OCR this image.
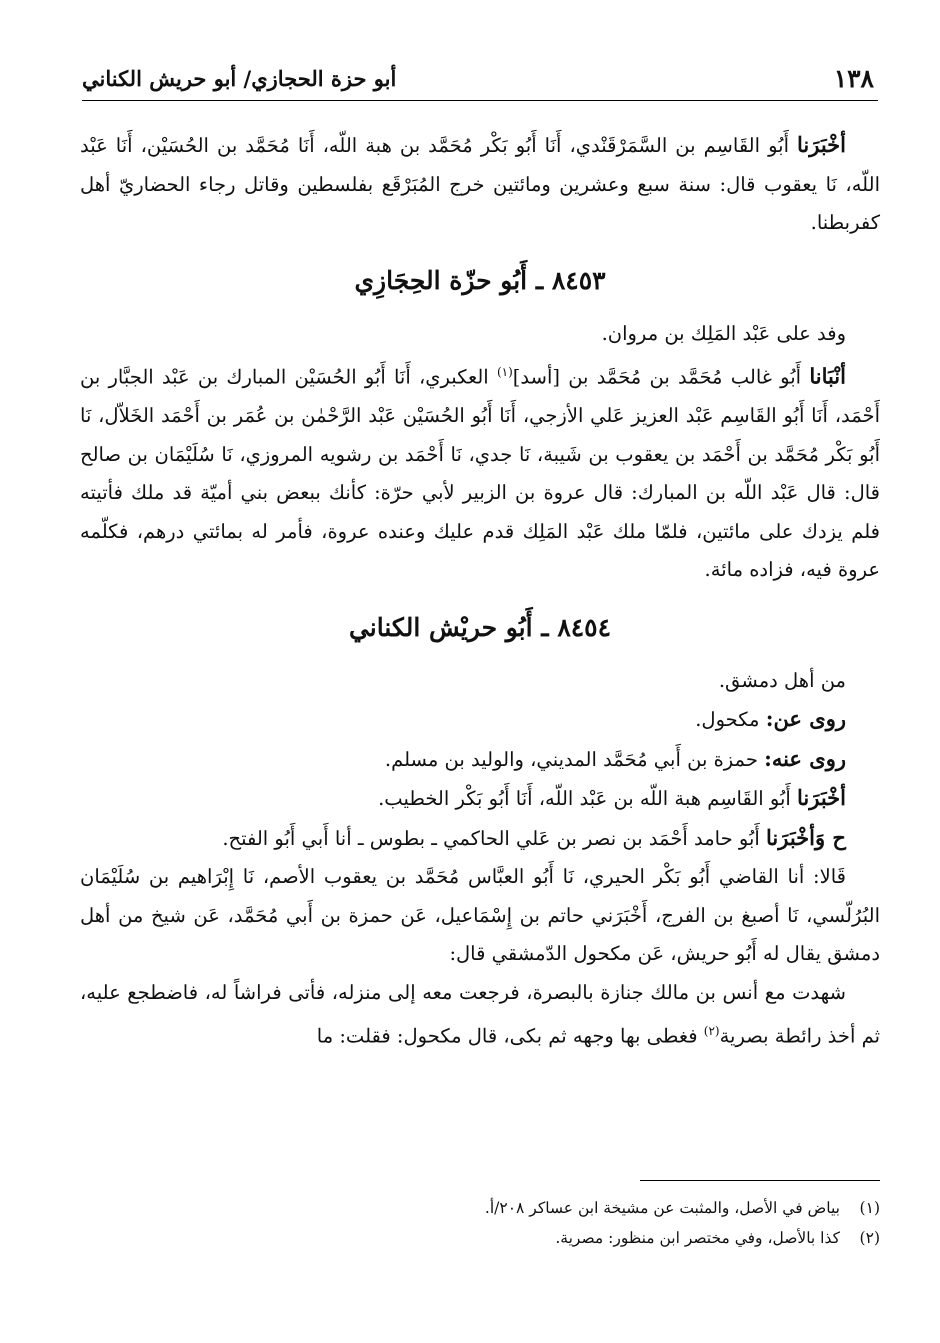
١٣٨
أبو حزة الحجازي/ أبو حريش الكناني

أخْبَرَنا أَبُو القَاسِم بن السَّمَرْقَنْدي، أَنَا أَبُو بَكْر مُحَمَّد بن هبة اللّه، أَنَا مُحَمَّد بن الحُسَيْن، أَنَا عَبْد اللّه، نَا يعقوب قال: سنة سبع وعشرين ومائتين خرج المُبَرْقَع بفلسطين وقاتل رجاء الحضاريّ أهل كفربطنا.

٨٤٥٣ ـ أَبُو حزّة الحِجَازِي

وفد على عَبْد المَلِك بن مروان.

أنْبَانا أَبُو غالب مُحَمَّد بن مُحَمَّد بن [أسد]$^{(١)}$ العكبري، أَنَا أَبُو الحُسَيْن المبارك بن عَبْد الجبَّار بن أَحْمَد، أَنَا أَبُو القَاسِم عَبْد العزيز عَلي الأزجي، أَنَا أَبُو الحُسَيْن عَبْد الرَّحْمٰن بن عُمَر بن أَحْمَد الخَلاّل، نَا أَبُو بَكْر مُحَمَّد بن أَحْمَد بن يعقوب بن شَيبة، نَا جدي، نَا أَحْمَد بن رشويه المروزي، نَا سُلَيْمَان بن صالح قال: قال عَبْد اللّه بن المبارك: قال عروة بن الزبير لأبي حرّة: كأنك ببعض بني أميّة قد ملك فأتيته فلم يزدك على مائتين، فلمّا ملك عَبْد المَلِك قدم عليك وعنده عروة، فأمر له بمائتي درهم، فكلّمه عروة فيه، فزاده مائة.

٨٤٥٤ ـ أَبُو حريْش الكناني

من أهل دمشق.

روى عن: مكحول.

روى عنه: حمزة بن أَبي مُحَمَّد المديني، والوليد بن مسلم.

أخْبَرَنا أَبُو القَاسِم هبة اللّه بن عَبْد اللّه، أَنَا أَبُو بَكْر الخطيب.

ح وَأخْبَرَنا أَبُو حامد أَحْمَد بن نصر بن عَلي الحاكمي ـ بطوس ـ أنا أَبي أَبُو الفتح.

قَالا: أنا القاضي أَبُو بَكْر الحيري، نَا أَبُو العبَّاس مُحَمَّد بن يعقوب الأصم، نَا إِبْرَاهيم بن سُلَيْمَان البُرُلّسي، نَا أصبغ بن الفرج، أَخْبَرَني حاتم بن إِسْمَاعيل، عَن حمزة بن أَبي مُحَمَّد، عَن شيخ من أهل دمشق يقال له أَبُو حريش، عَن مكحول الدّمشقي قال:

شهدت مع أنس بن مالك جنازة بالبصرة، فرجعت معه إلى منزله، فأتى فراشاً له، فاضطجع عليه، ثم أخذ رائطة بصرية$^{(٢)}$ فغطى بها وجهه ثم بكى، قال مكحول: فقلت: ما

(١)بياض في الأصل، والمثبت عن مشيخة ابن عساكر ٢٠٨/أ.

(٢)كذا بالأصل، وفي مختصر ابن منظور: مصرية.
